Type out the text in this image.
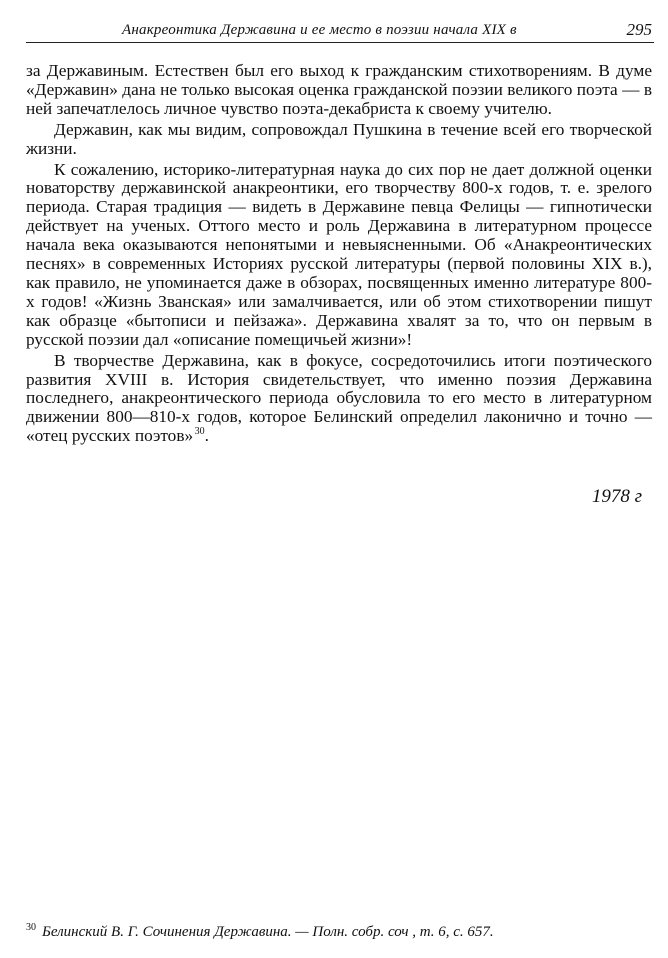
Анакреонтика Державина и ее место в поэзии начала XIX в	295

за Державиным. Естествен был его выход к гражданским стихотворениям. В думе «Державин» дана не только высокая оценка гражданской поэзии великого поэта — в ней запечатлелось личное чувство поэта-декабриста к своему учителю.

Державин, как мы видим, сопровождал Пушкина в течение всей его творческой жизни.

К сожалению, историко-литературная наука до сих пор не дает должной оценки новаторству державинской анакреонтики, его творчеству 800-х годов, т. е. зрелого периода. Старая традиция — видеть в Державине певца Фелицы — гипнотически действует на ученых. Оттого место и роль Державина в литературном процессе начала века оказываются непонятыми и невыясненными. Об «Анакреонтических песнях» в современных Историях русской литературы (первой половины XIX в.), как правило, не упоминается даже в обзорах, посвященных именно литературе 800-х годов! «Жизнь Званская» или замалчивается, или об этом стихотворении пишут как образце «бытописи и пейзажа». Державина хвалят за то, что он первым в русской поэзии дал «описание помещичьей жизни»!

В творчестве Державина, как в фокусе, сосредоточились итоги поэтического развития XVIII в. История свидетельствует, что именно поэзия Державина последнего, анакреонтического периода обусловила то его место в литературном движении 800—810-х годов, которое Белинский определил лаконично и точно — «отец русских поэтов» $^{30}$.

1978 г
$^{30}$ Белинский В. Г. Сочинения Державина. — Полн. собр. соч , т. 6, с. 657.
